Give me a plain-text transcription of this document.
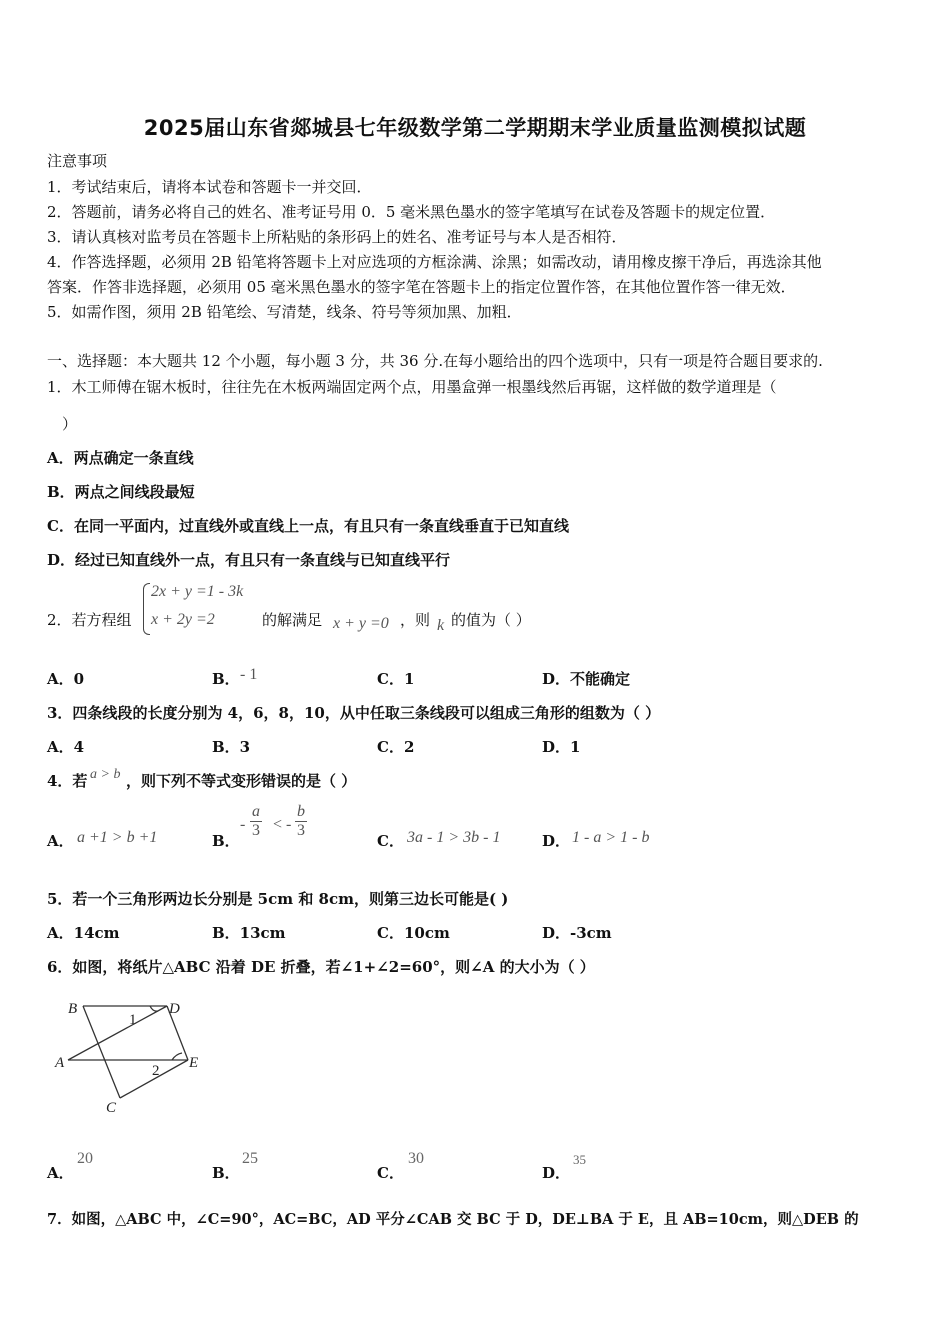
2025届山东省郯城县七年级数学第二学期期末学业质量监测模拟试题
注意事项
1．考试结束后，请将本试卷和答题卡一并交回．
2．答题前，请务必将自己的姓名、准考证号用 0．5 毫米黑色墨水的签字笔填写在试卷及答题卡的规定位置．
3．请认真核对监考员在答题卡上所粘贴的条形码上的姓名、准考证号与本人是否相符．
4．作答选择题，必须用 2B 铅笔将答题卡上对应选项的方框涂满、涂黑；如需改动，请用橡皮擦干净后，再选涂其他
答案．作答非选择题，必须用 05 毫米黑色墨水的签字笔在答题卡上的指定位置作答，在其他位置作答一律无效．
5．如需作图，须用 2B 铅笔绘、写清楚，线条、符号等须加黑、加粗．
一、选择题：本大题共 12 个小题，每小题 3 分，共 36 分.在每小题给出的四个选项中，只有一项是符合题目要求的.
1．木工师傅在锯木板时，往往先在木板两端固定两个点，用墨盒弹一根墨线然后再锯，这样做的数学道理是（
）
A．两点确定一条直线
B．两点之间线段最短
C．在同一平面内，过直线外或直线上一点，有且只有一条直线垂直于已知直线
D．经过已知直线外一点，有且只有一条直线与已知直线平行
2．若方程组
2x + y =1 - 3k
x + 2y =2	的解满足 x + y =0 ，则 k 的值为（ ）
A．0	B． - 1	C．1	D．不能确定
3．四条线段的长度分别为 4，6，8，10，从中任取三条线段可以组成三角形的组数为（ ）
A．4	B．3	C．2	D．1
4．若 a > b ，则下列不等式变形错误的是（ ）
A． a +1 > b +1	B．
- $\frac{a}{3}$ < - $\frac{b}{3}$
C． 3a - 1 > 3b - 1	D． 1 - a > 1 - b
5．若一个三角形两边长分别是 5cm 和 8cm，则第三边长可能是( )
A．14cm	B．13cm	C．10cm	D．-3cm
6．如图，将纸片△ABC 沿着 DE 折叠，若∠1+∠2=60°，则∠A 的大小为（ ）
B	D
A	E
C
1
2
A．
20
B．
25
C．
30
D．
35
7．如图，△ABC 中，∠C=90°，AC=BC，AD 平分∠CAB 交 BC 于 D，DE⊥BA 于 E，且 AB=10cm，则△DEB 的
